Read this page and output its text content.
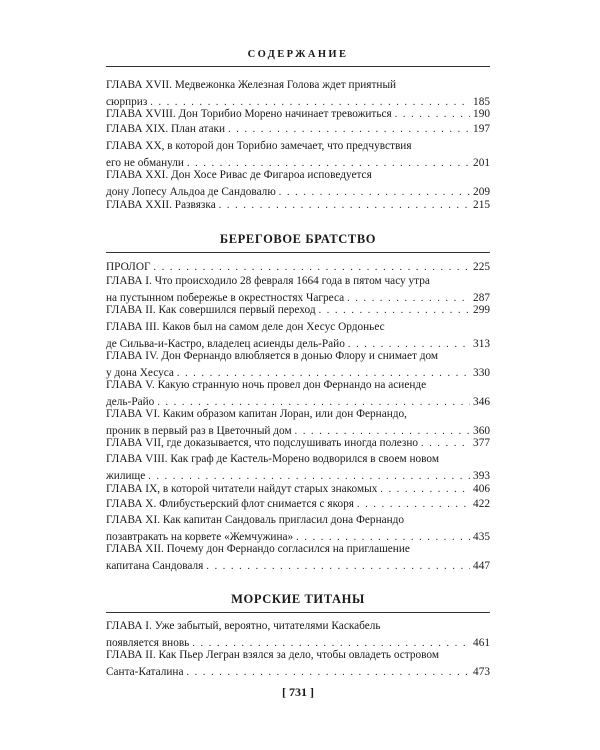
СОДЕРЖАНИЕ
ГЛАВА XVII. Медвежонка Железная Голова ждет приятный
сюрприз . . .	185
ГЛАВА XVIII. Дон Торибио Морено начинает тревожиться . . .	190
ГЛАВА XIX. План атаки . . .	197
ГЛАВА XX, в которой дон Торибио замечает, что предчувствия
его не обманули . . .	201
ГЛАВА XXI. Дон Хосе Ривас де Фигароа исповедуется
дону Лопесу Альдоа де Сандовалю . . .	209
ГЛАВА XXII. Развязка . . .	215
БЕРЕГОВОЕ БРАТСТВО
ПРОЛОГ . . .	225
ГЛАВА I. Что происходило 28 февраля 1664 года в пятом часу утра
на пустынном побережье в окрестностях Чагреса . . .	287
ГЛАВА II. Как совершился первый переход . . .	299
ГЛАВА III. Каков был на самом деле дон Хесус Ордоньес
де Сильва-и-Кастро, владелец асиенды дель-Райо . . .	313
ГЛАВА IV. Дон Фернандо влюбляется в донью Флору и снимает дом
у дона Хесуса . . .	330
ГЛАВА V. Какую странную ночь провел дон Фернандо на асиенде
дель-Райо . . .	346
ГЛАВА VI. Каким образом капитан Лоран, или дон Фернандо,
проник в первый раз в Цветочный дом . . .	360
ГЛАВА VII, где доказывается, что подслушивать иногда полезно . . .	377
ГЛАВА VIII. Как граф де Кастель-Морено водворился в своем новом
жилище . . .	393
ГЛАВА IX, в которой читатели найдут старых знакомых . . .	406
ГЛАВА X. Флибустьерский флот снимается с якоря . . .	422
ГЛАВА XI. Как капитан Сандоваль пригласил дона Фернандо
позавтракать на корвете «Жемчужина» . . .	435
ГЛАВА XII. Почему дон Фернандо согласился на приглашение
капитана Сандоваля . . .	447
МОРСКИЕ ТИТАНЫ
ГЛАВА I. Уже забытый, вероятно, читателями Каскабель
появляется вновь . . .	461
ГЛАВА II. Как Пьер Легран взялся за дело, чтобы овладеть островом
Санта-Каталина . . .	473
[ 731 ]
